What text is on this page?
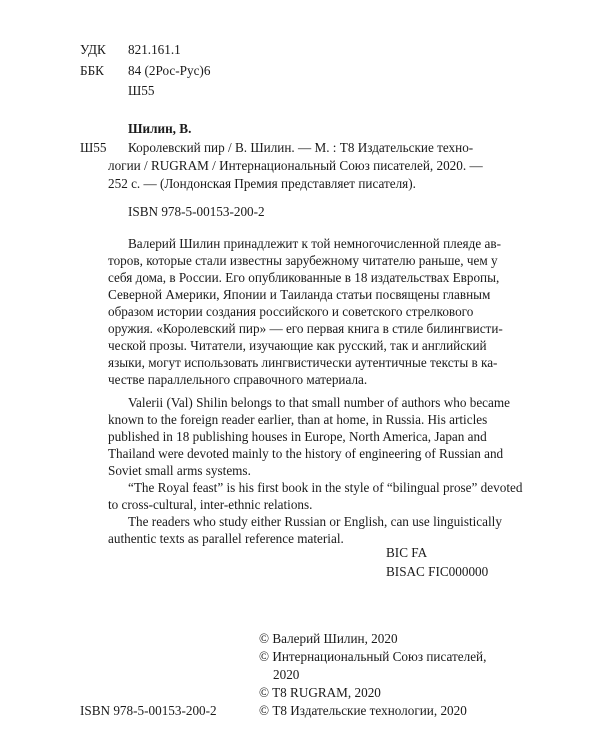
УДК 821.161.1
ББК 84 (2Рос-Рус)6
Ш55
Шилин, В.
Ш55 Королевский пир / В. Шилин. — М. : Т8 Издательские техно-
логии / RUGRAM / Интернациональный Союз писателей, 2020. —
252 с. — (Лондонская Премия представляет писателя).
ISBN 978-5-00153-200-2

Валерий Шилин принадлежит к той немногочисленной плеяде ав-

торов, которые стали известны зарубежному читателю раньше, чем у

себя дома, в России. Его опубликованные в 18 издательствах Европы,

Северной Америки, Японии и Таиланда статьи посвящены главным

образом истории создания российского и советского стрелкового

оружия. «Королевский пир» — его первая книга в стиле билингвисти-

ческой прозы. Читатели, изучающие как русский, так и английский

языки, могут использовать лингвистически аутентичные тексты в ка-

честве параллельного справочного материала.

Valerii (Val) Shilin belongs to that small number of authors who became

known to the foreign reader earlier, than at home, in Russia. His articles

published in 18 publishing houses in Europe, North America, Japan and

Thailand were devoted mainly to the history of engineering of Russian and

Soviet small arms systems.

“The Royal feast” is his first book in the style of “bilingual prose” devoted

to cross-cultural, inter-ethnic relations.

The readers who study either Russian or English, can use linguistically

authentic texts as parallel reference material.

BIC FA
BISAC FIC000000
© Валерий Шилин, 2020
© Интернациональный Союз писателей,
2020
© T8 RUGRAM, 2020
ISBN 978-5-00153-200-2	© Т8 Издательские технологии, 2020
